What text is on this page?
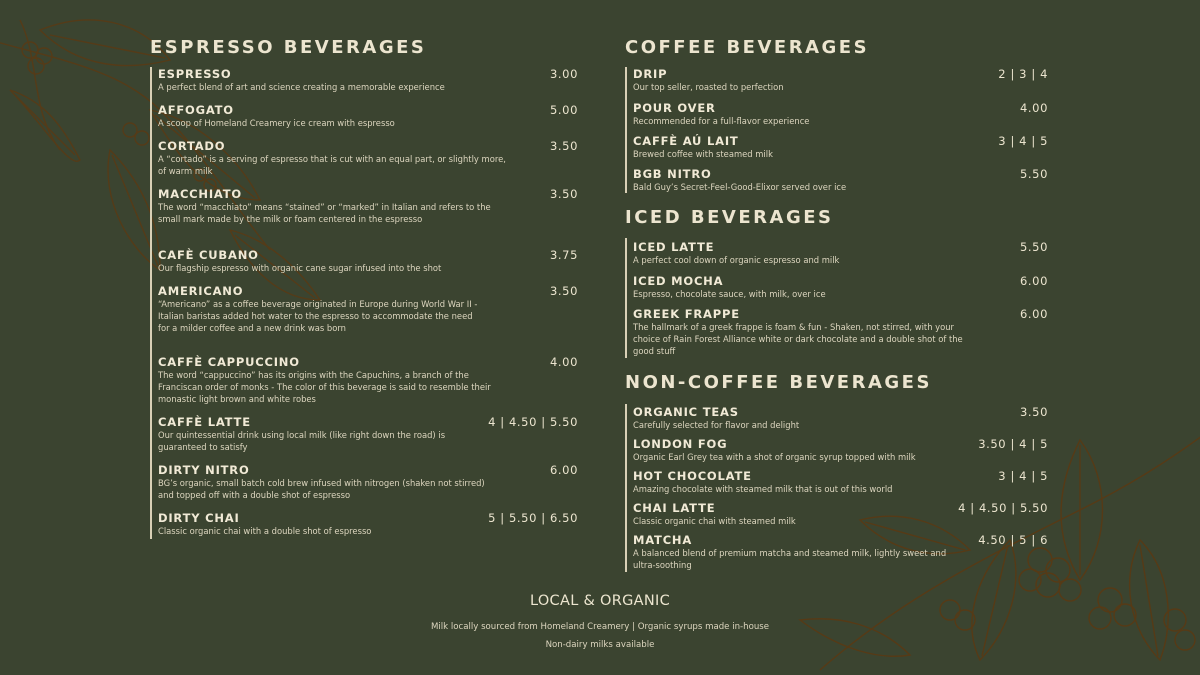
ESPRESSO BEVERAGES
ESPRESSO
A perfect blend of art and science creating a memorable experience
3.00
AFFOGATO
A scoop of Homeland Creamery ice cream with espresso
5.00
CORTADO
A “cortado” is a serving of espresso that is cut with an equal part, or slightly more, of warm milk
3.50
MACCHIATO
The word “macchiato” means “stained” or “marked” in Italian and refers to the small mark made by the milk or foam centered in the espresso
3.50
CAFÈ CUBANO
Our flagship espresso with organic cane sugar infused into the shot
3.75
AMERICANO
“Americano” as a coffee beverage originated in Europe during World War II - Italian baristas added hot water to the espresso to accommodate the need for a milder coffee and a new drink was born
3.50
CAFFÈ CAPPUCCINO
The word “cappuccino” has its origins with the Capuchins, a branch of the Franciscan order of monks - The color of this beverage is said to resemble their monastic light brown and white robes
4.00
CAFFÈ LATTE
Our quintessential drink using local milk (like right down the road) is guaranteed to satisfy
4 | 4.50 | 5.50
DIRTY NITRO
BG’s organic, small batch cold brew infused with nitrogen (shaken not stirred) and topped off with a double shot of espresso
6.00
DIRTY CHAI
Classic organic chai with a double shot of espresso
5 | 5.50 | 6.50
COFFEE BEVERAGES
DRIP
Our top seller, roasted to perfection
2 | 3 | 4
POUR OVER
Recommended for a full-flavor experience
4.00
CAFFÈ AÚ LAIT
Brewed coffee with steamed milk
3 | 4 | 5
BGB NITRO
Bald Guy’s Secret-Feel-Good-Elixor served over ice
5.50
ICED BEVERAGES
ICED LATTE
A perfect cool down of organic espresso and milk
5.50
ICED MOCHA
Espresso, chocolate sauce, with milk, over ice
6.00
GREEK FRAPPE
The hallmark of a greek frappe is foam & fun - Shaken, not stirred, with your choice of Rain Forest Alliance white or dark chocolate and a double shot of the good stuff
6.00
NON-COFFEE BEVERAGES
ORGANIC TEAS
Carefully selected for flavor and delight
3.50
LONDON FOG
Organic Earl Grey tea with a shot of organic syrup topped with milk
3.50 | 4 | 5
HOT CHOCOLATE
Amazing chocolate with steamed milk that is out of this world
3 | 4 | 5
CHAI LATTE
Classic organic chai with steamed milk
4 | 4.50 | 5.50
MATCHA
A balanced blend of premium matcha and steamed milk, lightly sweet and ultra-soothing
4.50 | 5 | 6
LOCAL & ORGANIC
Milk locally sourced from Homeland Creamery | Organic syrups made in-house
Non-dairy milks available
